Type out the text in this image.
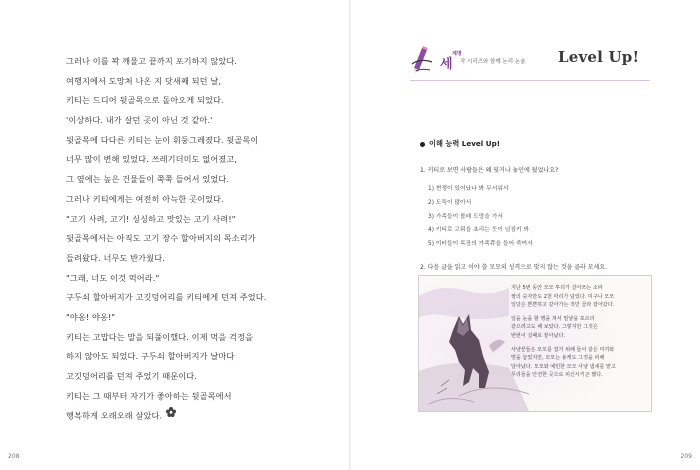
그러나 이를 꽉 깨물고 끝까지 포기하지 않았다.
여행지에서 도망쳐 나온 지 닷새째 되던 날,
키티는 드디어 뒷골목으로 돌아오게 되었다.
'이상하다. 내가 살던 곳이 아닌 것 같아.'
뒷골목에 다다른 키티는 눈이 휘둥그레졌다. 뒷골목이
너무 많이 변해 있었다. 쓰레기더미도 없어졌고,
그 옆에는 높은 건물들이 쭉쭉 들어서 있었다.
그러나 키티에게는 여전히 아늑한 곳이었다.
"고기 사려, 고기! 싱싱하고 맛있는 고기 사려!"
뒷골목에서는 아직도 고기 장수 할아버지의 목소리가
들려왔다. 너무도 반가웠다.
"그래, 너도 이것 먹어라."
구두쇠 할아버지가 고깃덩어리를 키티에게 던져 주었다.
"야옹! 야옹!"
키티는 고맙다는 말을 되풀이했다. 이제 먹을 걱정을
하지 않아도 되었다. 구두쇠 할아버지가 날마다
고깃덩어리를 던져 주었기 때문이다.
키티는 그 때부터 자기가 좋아하는 뒷골목에서
행복하게 오래오래 살았다.
208
세
계명
작 시리즈와 함께 논리 논술 Level Up!
이해 능력 Level Up!
1. 키티로 보면 사람들은 왜 뒷거나 놓인에 뒀었나요?
1) 쩐쟁이 있어났나 봐 무서워서
2) 도둑이 많아서
3) 가족들이 몰래 도망을 가서
4) 키티로 고뤄을 쵸리는 듯이 넘점키 봐
5) 이터들이 목장의 가족쮸을 들어 죽여서
2. 다음 글을 읽고 이야 쓸 모모의 성격으로 맞지 않는 것을 골라 모세요.
지난 5번 동안 모모 투리가 살아쓰는 소파
쌍의 숫자만도 2천 마리가 넘었다. 미구나 모모
일당은 쁜쁜하고 같아가는 것만 골라 잡아갔다.
일을 눈을 할 맹을 쳐서 밀냥을 포르리
같으려고도 해 보았다. 그렇지만 그것은
번번이 실패로 끝아났다.
사냥꾼들은 모모를 잡기 위해 들이 같은 미끼와
멎을 놓었지만, 모모는 용케도 그것을 피해
달아났다. 모모와 예민한 모모 사냥 냄새를 맡고
무리들을 안전한 곳으로 피신시키곤 했다.
209
